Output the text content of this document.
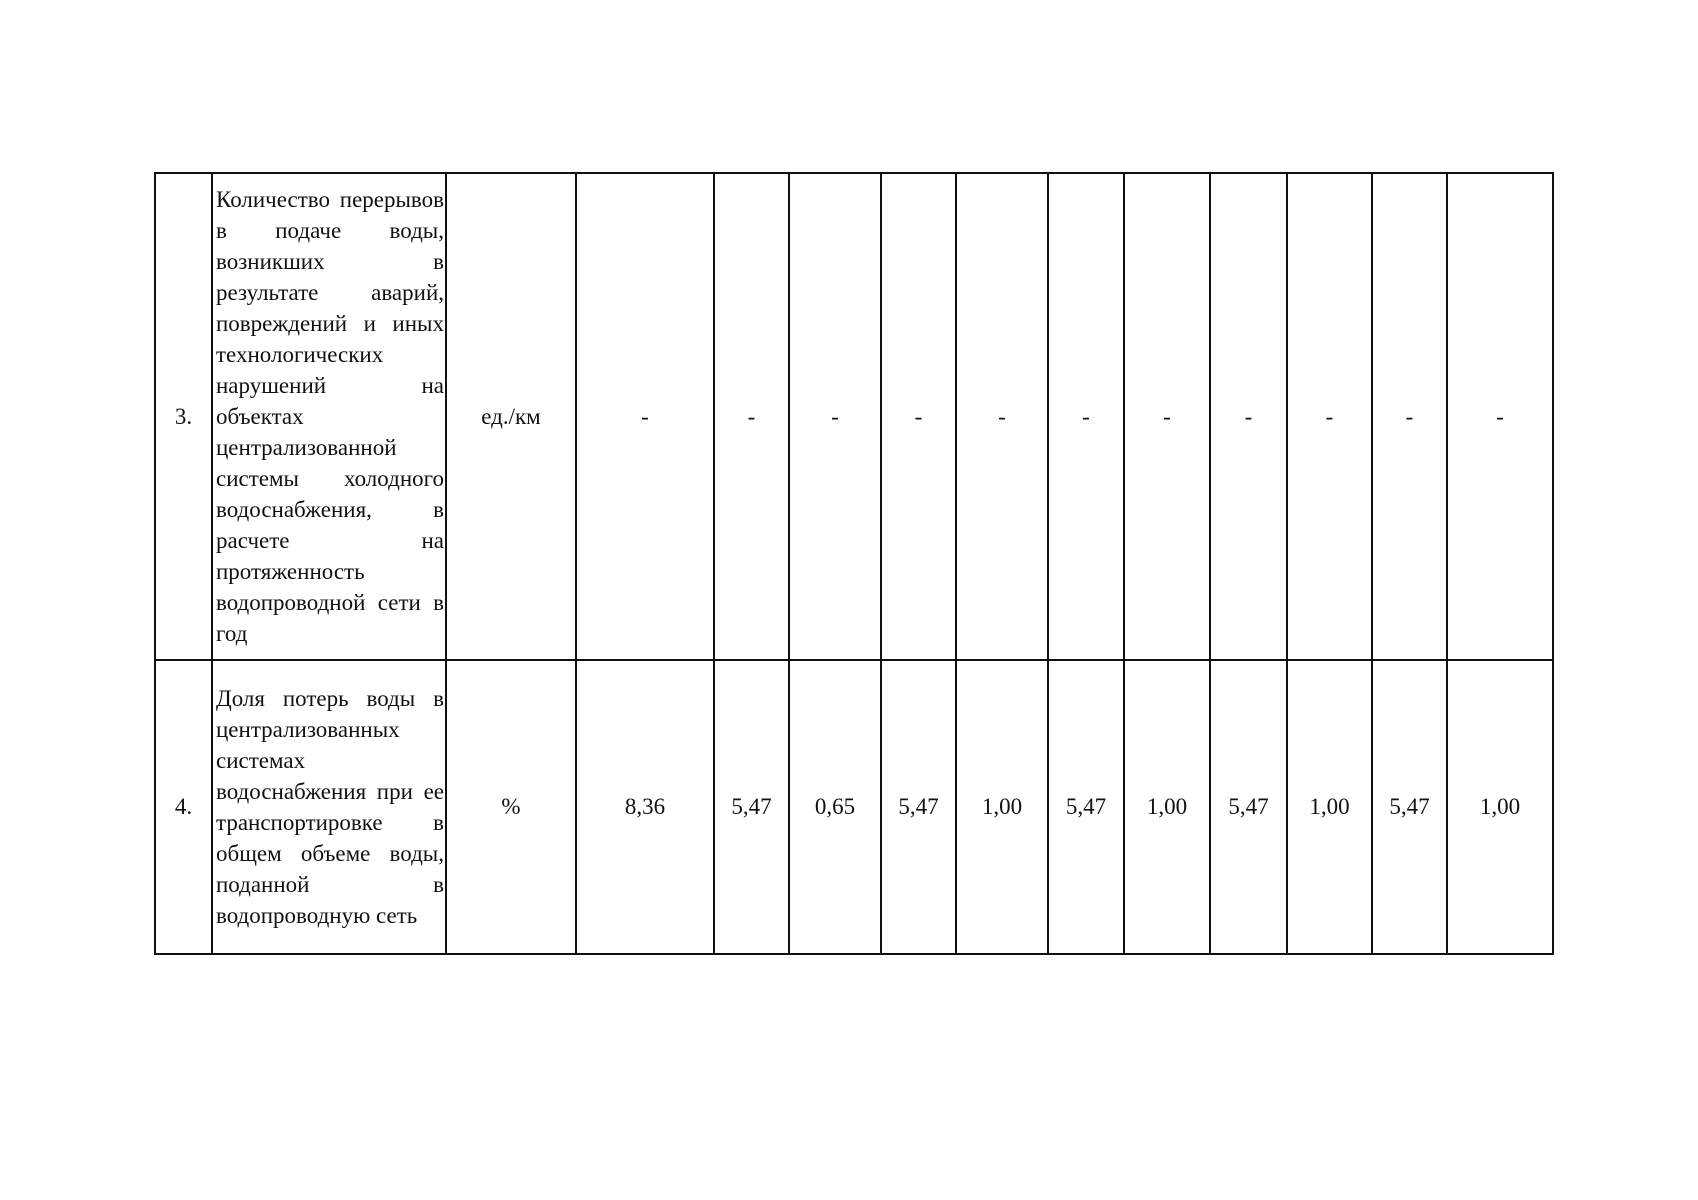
3.	Количество перерывов в подаче воды, возникших в результате аварий, повреждений и иных технологических нарушений на объектах централизованной системы холодного водоснабжения, в расчете на протяженность водопроводной сети в год	ед./км	-	-	-	-	-	-	-	-	-	-	-
4.	Доля потерь воды в централизованных системах водоснабжения при ее транспортировке в общем объеме воды, поданной в водопроводную сеть	%	8,36	5,47	0,65	5,47	1,00	5,47	1,00	5,47	1,00	5,47	1,00
